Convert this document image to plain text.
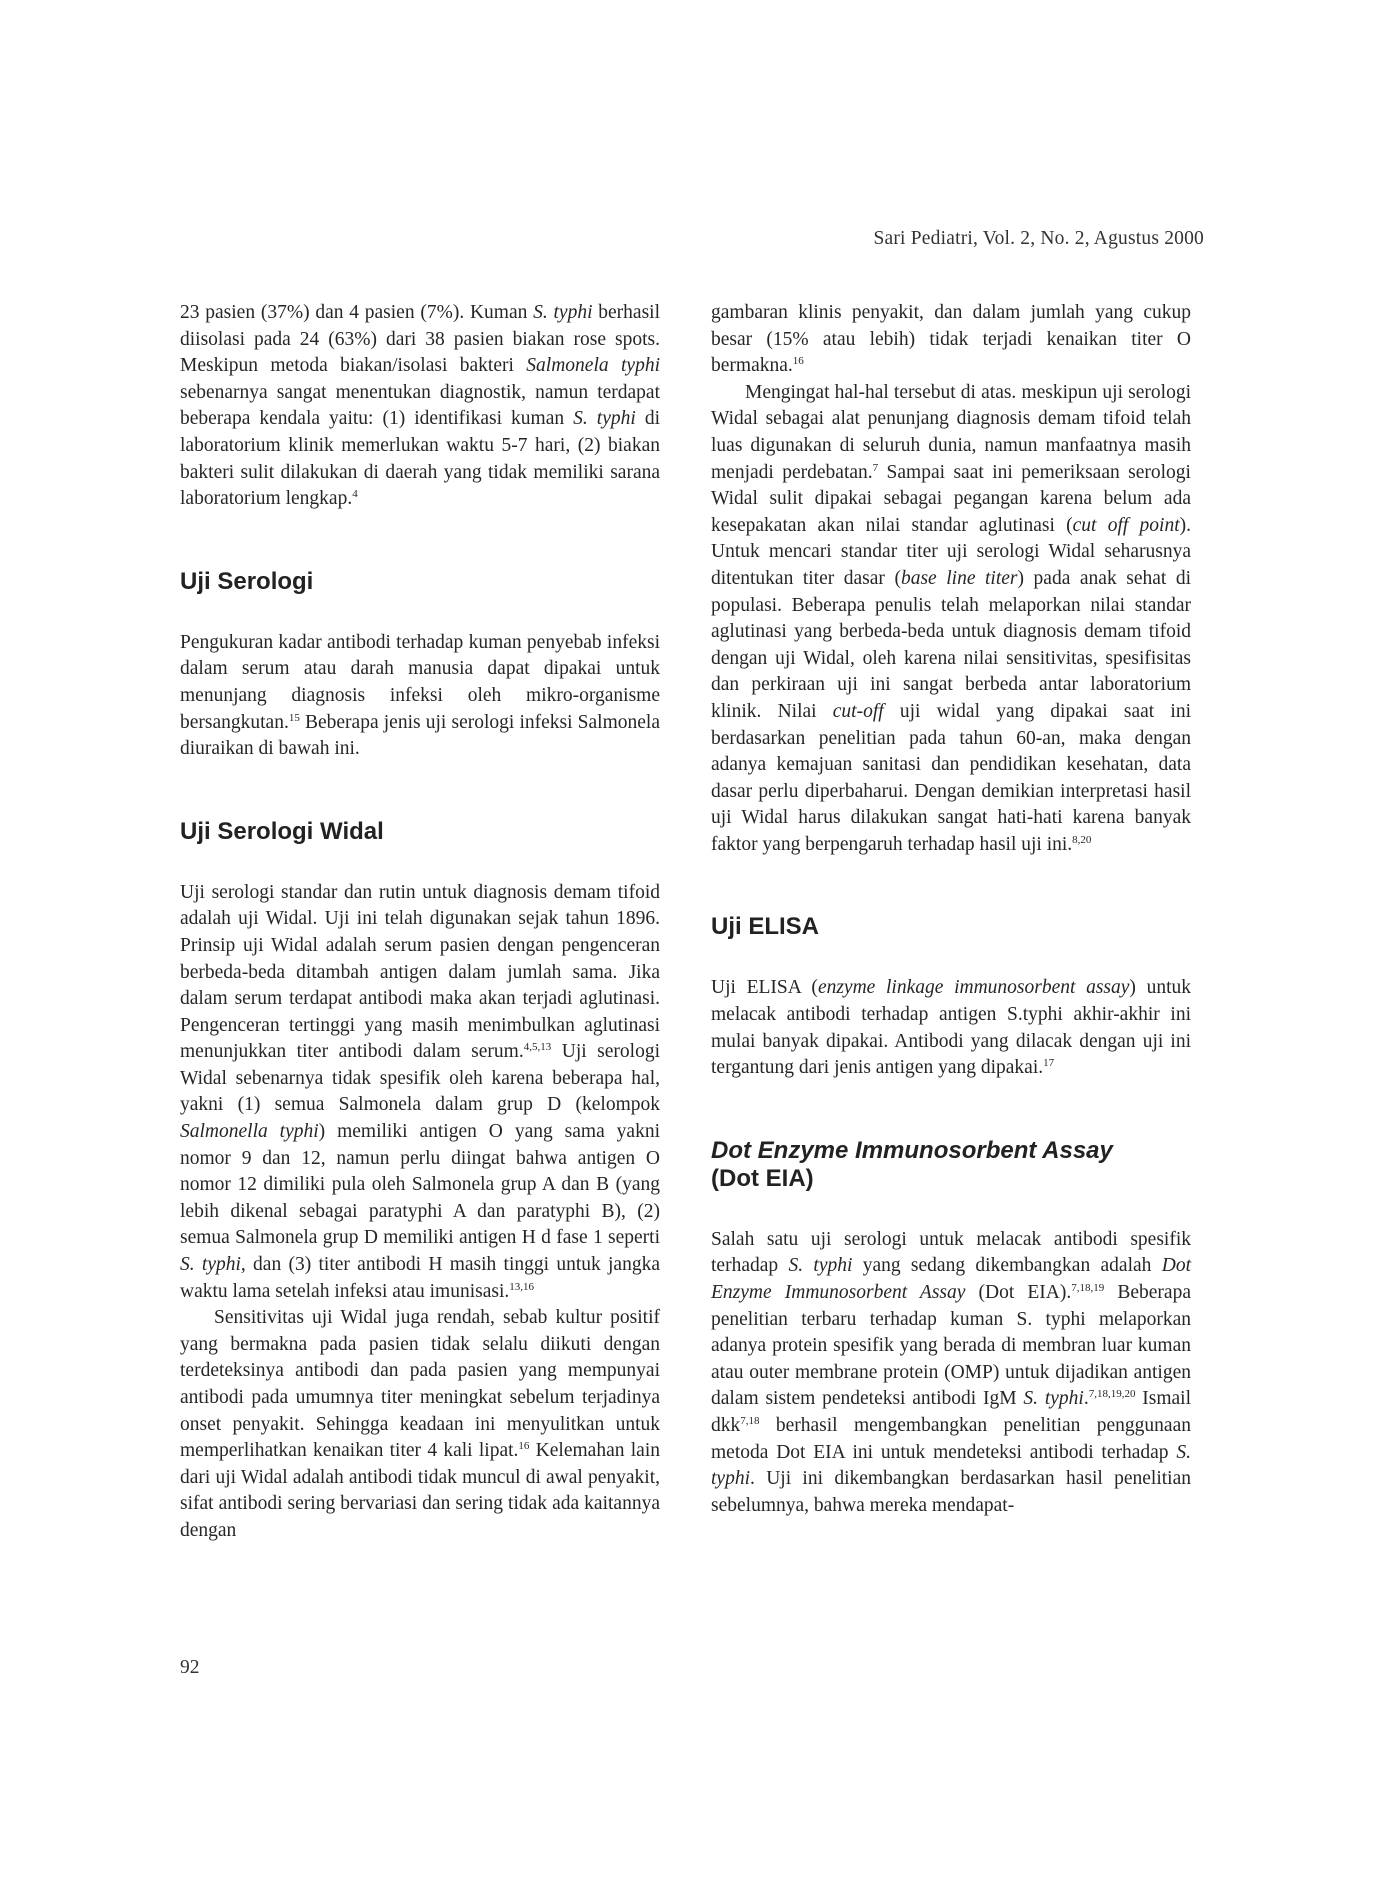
Sari Pediatri, Vol. 2, No. 2, Agustus 2000

23 pasien (37%) dan 4 pasien (7%). Kuman S. typhi berhasil diisolasi pada 24 (63%) dari 38 pasien biakan rose spots. Meskipun metoda biakan/isolasi bakteri Salmonela typhi sebenarnya sangat menentukan diagnostik, namun terdapat beberapa kendala yaitu: (1) identifikasi kuman S. typhi di laboratorium klinik memerlukan waktu 5-7 hari, (2) biakan bakteri sulit dilakukan di daerah yang tidak memiliki sarana laboratorium lengkap.$^4$

Uji Serologi

Pengukuran kadar antibodi terhadap kuman penyebab infeksi dalam serum atau darah manusia dapat dipakai untuk menunjang diagnosis infeksi oleh mikro-organisme bersangkutan.$^{15}$ Beberapa jenis uji serologi infeksi Salmonela diuraikan di bawah ini.

Uji Serologi Widal

Uji serologi standar dan rutin untuk diagnosis demam tifoid adalah uji Widal. Uji ini telah digunakan sejak tahun 1896. Prinsip uji Widal adalah serum pasien dengan pengenceran berbeda-beda ditambah antigen dalam jumlah sama. Jika dalam serum terdapat antibodi maka akan terjadi aglutinasi. Pengenceran tertinggi yang masih menimbulkan aglutinasi menunjukkan titer antibodi dalam serum.$^{4,5,13}$ Uji serologi Widal sebenarnya tidak spesifik oleh karena beberapa hal, yakni (1) semua Salmonela dalam grup D (kelompok Salmonella typhi) memiliki antigen O yang sama yakni nomor 9 dan 12, namun perlu diingat bahwa antigen O nomor 12 dimiliki pula oleh Salmonela grup A dan B (yang lebih dikenal sebagai paratyphi A dan paratyphi B), (2) semua Salmonela grup D memiliki antigen H d fase 1 seperti S. typhi, dan (3) titer antibodi H masih tinggi untuk jangka waktu lama setelah infeksi atau imunisasi.$^{13,16}$

Sensitivitas uji Widal juga rendah, sebab kultur positif yang bermakna pada pasien tidak selalu diikuti dengan terdeteksinya antibodi dan pada pasien yang mempunyai antibodi pada umumnya titer meningkat sebelum terjadinya onset penyakit. Sehingga keadaan ini menyulitkan untuk memperlihatkan kenaikan titer 4 kali lipat.$^{16}$ Kelemahan lain dari uji Widal adalah antibodi tidak muncul di awal penyakit, sifat antibodi sering bervariasi dan sering tidak ada kaitannya dengan

gambaran klinis penyakit, dan dalam jumlah yang cukup besar (15% atau lebih) tidak terjadi kenaikan titer O bermakna.$^{16}$

Mengingat hal-hal tersebut di atas. meskipun uji serologi Widal sebagai alat penunjang diagnosis demam tifoid telah luas digunakan di seluruh dunia, namun manfaatnya masih menjadi perdebatan.$^7$ Sampai saat ini pemeriksaan serologi Widal sulit dipakai sebagai pegangan karena belum ada kesepakatan akan nilai standar aglutinasi (cut off point). Untuk mencari standar titer uji serologi Widal seharusnya ditentukan titer dasar (base line titer) pada anak sehat di populasi. Beberapa penulis telah melaporkan nilai standar aglutinasi yang berbeda-beda untuk diagnosis demam tifoid dengan uji Widal, oleh karena nilai sensitivitas, spesifisitas dan perkiraan uji ini sangat berbeda antar laboratorium klinik. Nilai cut-off uji widal yang dipakai saat ini berdasarkan penelitian pada tahun 60-an, maka dengan adanya kemajuan sanitasi dan pendidikan kesehatan, data dasar perlu diperbaharui. Dengan demikian interpretasi hasil uji Widal harus dilakukan sangat hati-hati karena banyak faktor yang berpengaruh terhadap hasil uji ini.$^{8,20}$

Uji ELISA

Uji ELISA (enzyme linkage immunosorbent assay) untuk melacak antibodi terhadap antigen S.typhi akhir-akhir ini mulai banyak dipakai. Antibodi yang dilacak dengan uji ini tergantung dari jenis antigen yang dipakai.$^{17}$

Dot Enzyme Immunosorbent Assay
(Dot EIA)

Salah satu uji serologi untuk melacak antibodi spesifik terhadap S. typhi yang sedang dikembangkan adalah Dot Enzyme Immunosorbent Assay (Dot EIA).$^{7,18,19}$ Beberapa penelitian terbaru terhadap kuman S. typhi melaporkan adanya protein spesifik yang berada di membran luar kuman atau outer membrane protein (OMP) untuk dijadikan antigen dalam sistem pendeteksi antibodi IgM S. typhi.$^{7,18,19,20}$ Ismail dkk$^{7,18}$ berhasil mengembangkan penelitian penggunaan metoda Dot EIA ini untuk mendeteksi antibodi terhadap S. typhi. Uji ini dikembangkan berdasarkan hasil penelitian sebelumnya, bahwa mereka mendapat-

92
